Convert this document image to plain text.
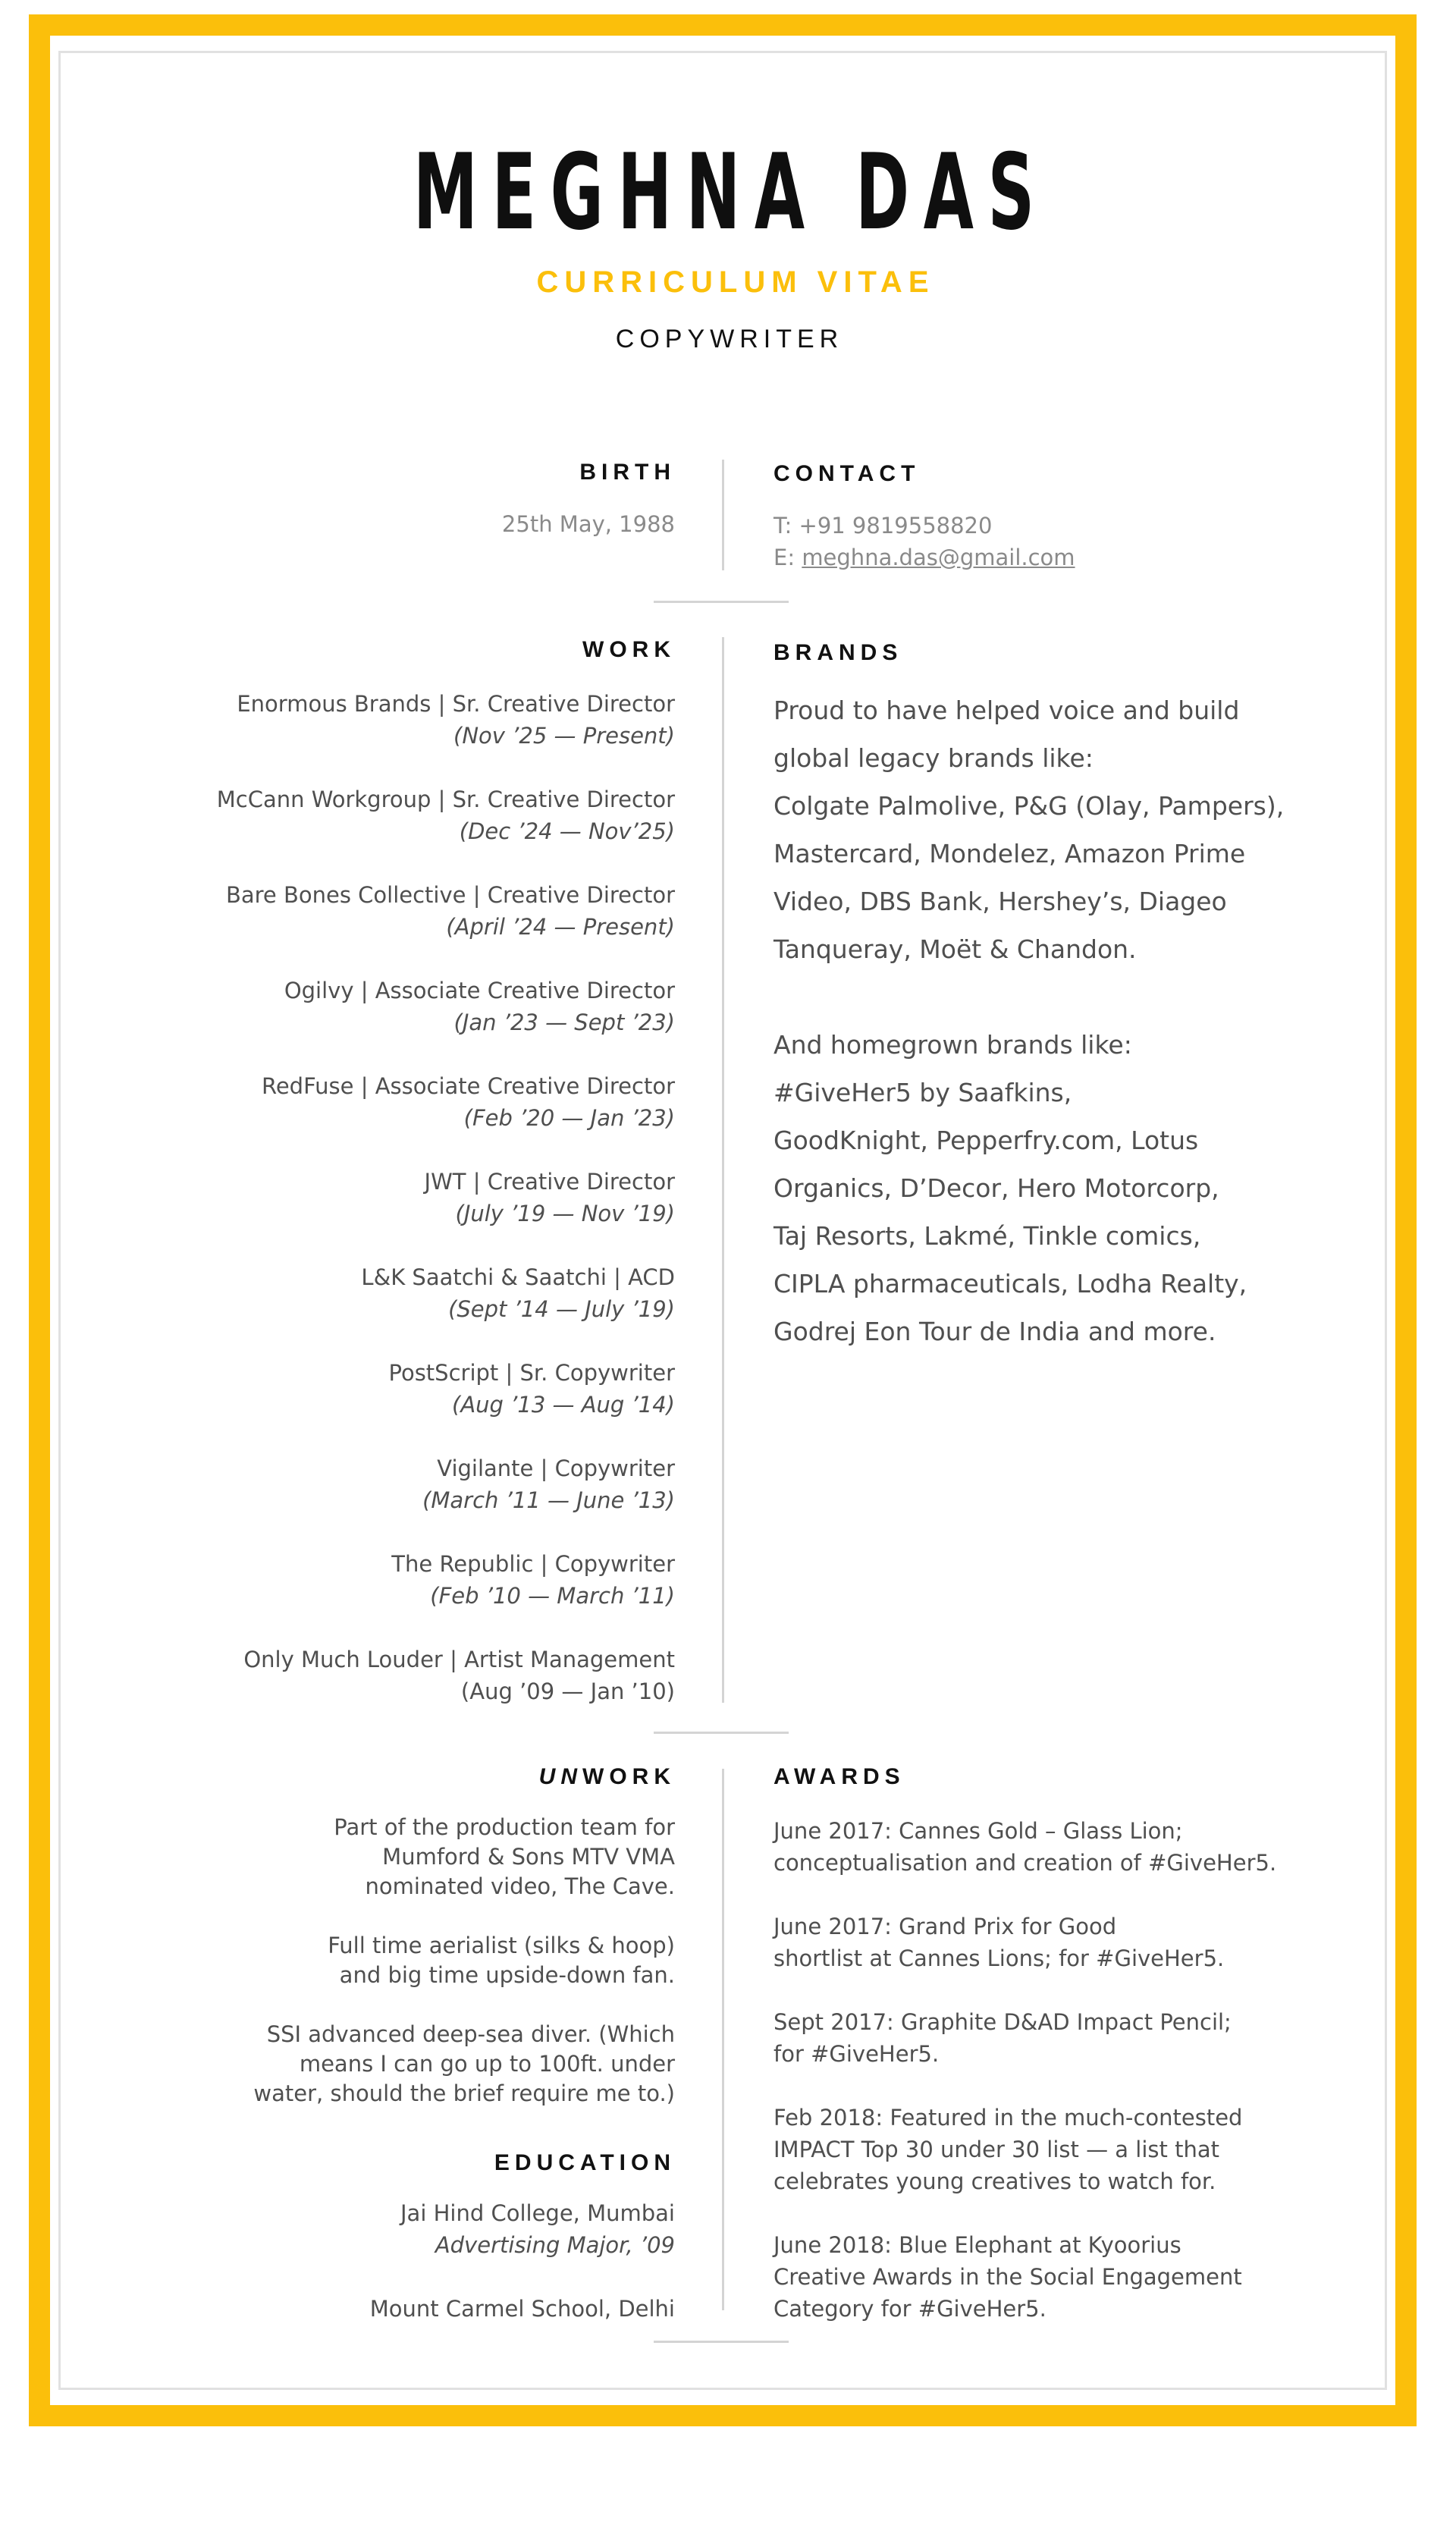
MEGHNA DAS
CURRICULUM VITAE
COPYWRITER
BIRTH
25th May, 1988
CONTACT
T: +91 9819558820
E: meghna.das@gmail.com
WORK
Enormous Brands | Sr. Creative Director
(Nov ’25 — Present)
McCann Workgroup | Sr. Creative Director
(Dec ’24 — Nov’25)
Bare Bones Collective | Creative Director
(April ’24 — Present)
Ogilvy | Associate Creative Director
(Jan ’23 — Sept ’23)
RedFuse | Associate Creative Director
(Feb ’20 — Jan ’23)
JWT | Creative Director
(July ’19 — Nov ’19)
L&K Saatchi & Saatchi | ACD
(Sept ’14 — July ’19)
PostScript | Sr. Copywriter
(Aug ’13 — Aug ’14)
Vigilante | Copywriter
(March ’11 — June ’13)
The Republic | Copywriter
(Feb ’10 — March ’11)
Only Much Louder | Artist Management
(Aug ’09 — Jan ’10)
BRANDS
Proud to have helped voice and build
global legacy brands like:
Colgate Palmolive, P&G (Olay, Pampers),
Mastercard, Mondelez, Amazon Prime
Video, DBS Bank, Hershey’s, Diageo
Tanqueray, Moët & Chandon.
And homegrown brands like:
#GiveHer5 by Saafkins,
GoodKnight, Pepperfry.com, Lotus
Organics, D’Decor, Hero Motorcorp,
Taj Resorts, Lakmé, Tinkle comics,
CIPLA pharmaceuticals, Lodha Realty,
Godrej Eon Tour de India and more.
UNWORK
Part of the production team for
Mumford & Sons MTV VMA
nominated video, The Cave.
Full time aerialist (silks & hoop)
and big time upside-down fan.
SSI advanced deep-sea diver. (Which
means I can go up to 100ft. under
water, should the brief require me to.)
EDUCATION
Jai Hind College, Mumbai
Advertising Major, ’09
Mount Carmel School, Delhi
AWARDS
June 2017: Cannes Gold – Glass Lion;
conceptualisation and creation of #GiveHer5.
June 2017: Grand Prix for Good
shortlist at Cannes Lions; for #GiveHer5.
Sept 2017: Graphite D&AD Impact Pencil;
for #GiveHer5.
Feb 2018: Featured in the much-contested
IMPACT Top 30 under 30 list — a list that
celebrates young creatives to watch for.
June 2018: Blue Elephant at Kyoorius
Creative Awards in the Social Engagement
Category for #GiveHer5.
